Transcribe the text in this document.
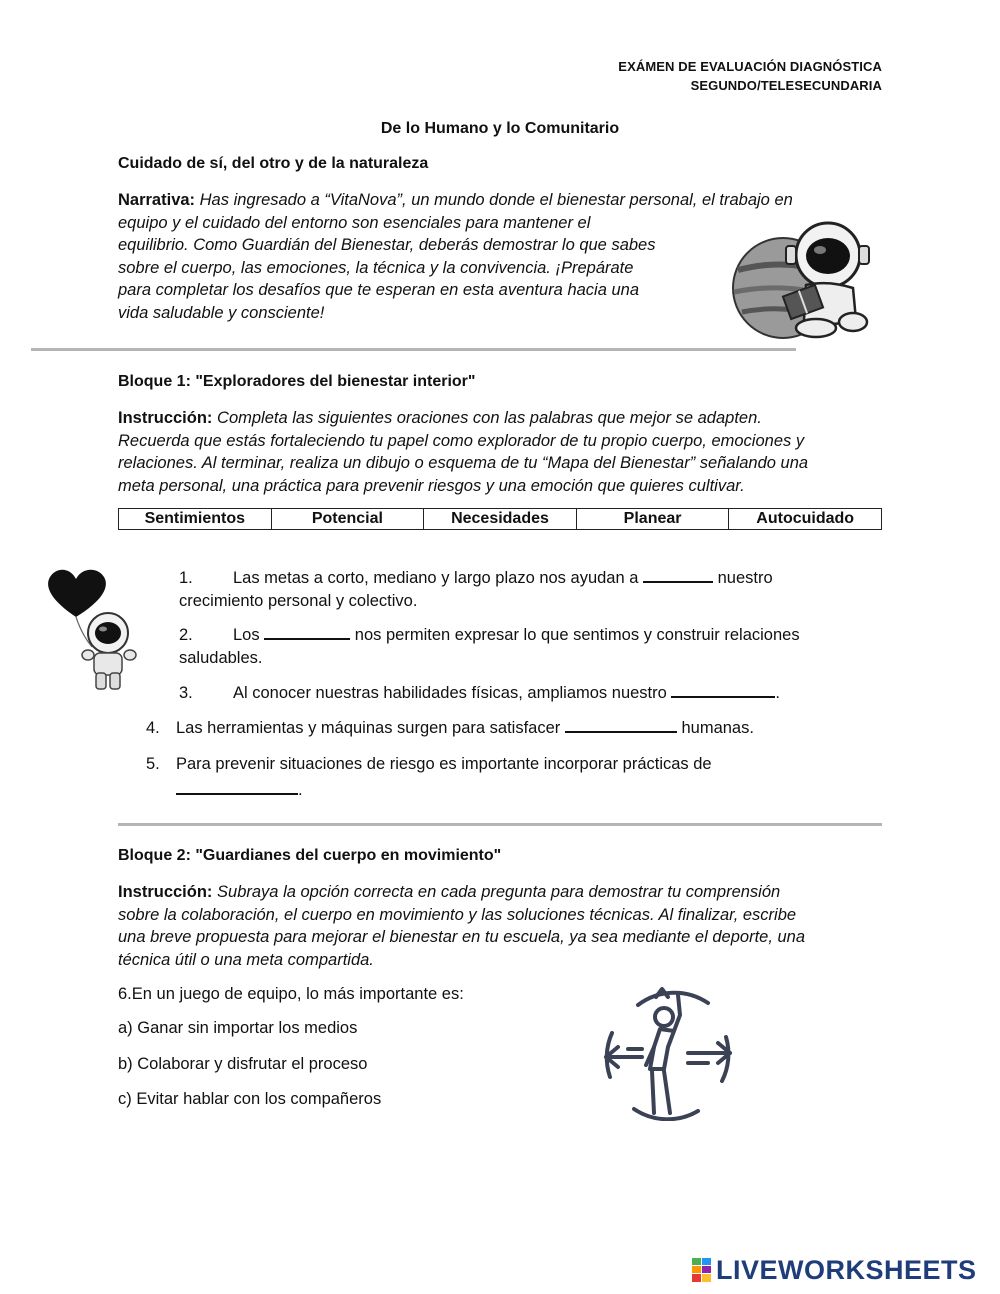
EXÁMEN DE EVALUACIÓN DIAGNÓSTICA
SEGUNDO/TELESECUNDARIA
De lo Humano y lo Comunitario
Cuidado de sí, del otro y de la naturaleza
Narrativa: Has ingresado a “VitaNova”, un mundo donde el bienestar personal, el trabajo en
equipo y el cuidado del entorno son esenciales para mantener el
equilibrio. Como Guardián del Bienestar, deberás demostrar lo que sabes
sobre el cuerpo, las emociones, la técnica y la convivencia. ¡Prepárate
para completar los desafíos que te esperan en esta aventura hacia una
vida saludable y consciente!
Bloque 1: "Exploradores del bienestar interior"
Instrucción: Completa las siguientes oraciones con las palabras que mejor se adapten.
Recuerda que estás fortaleciendo tu papel como explorador de tu propio cuerpo, emociones y
relaciones. Al terminar, realiza un dibujo o esquema de tu “Mapa del Bienestar” señalando una
meta personal, una práctica para prevenir riesgos y una emoción que quieres cultivar.
Sentimientos	Potencial	Necesidades	Planear	Autocuidado
1. Las metas a corto, mediano y largo plazo nos ayudan a	nuestro
crecimiento personal y colectivo.
2. Los	nos permiten expresar lo que sentimos y construir relaciones
saludables.
3. Al conocer nuestras habilidades físicas, ampliamos nuestro	.
4. Las herramientas y máquinas surgen para satisfacer	humanas.
5. Para prevenir situaciones de riesgo es importante incorporar prácticas de
.
Bloque 2: "Guardianes del cuerpo en movimiento"
Instrucción: Subraya la opción correcta en cada pregunta para demostrar tu comprensión
sobre la colaboración, el cuerpo en movimiento y las soluciones técnicas. Al finalizar, escribe
una breve propuesta para mejorar el bienestar en tu escuela, ya sea mediante el deporte, una
técnica útil o una meta compartida.
6.En un juego de equipo, lo más importante es:
a) Ganar sin importar los medios
b) Colaborar y disfrutar el proceso
c) Evitar hablar con los compañeros
LIVEWORKSHEETS
